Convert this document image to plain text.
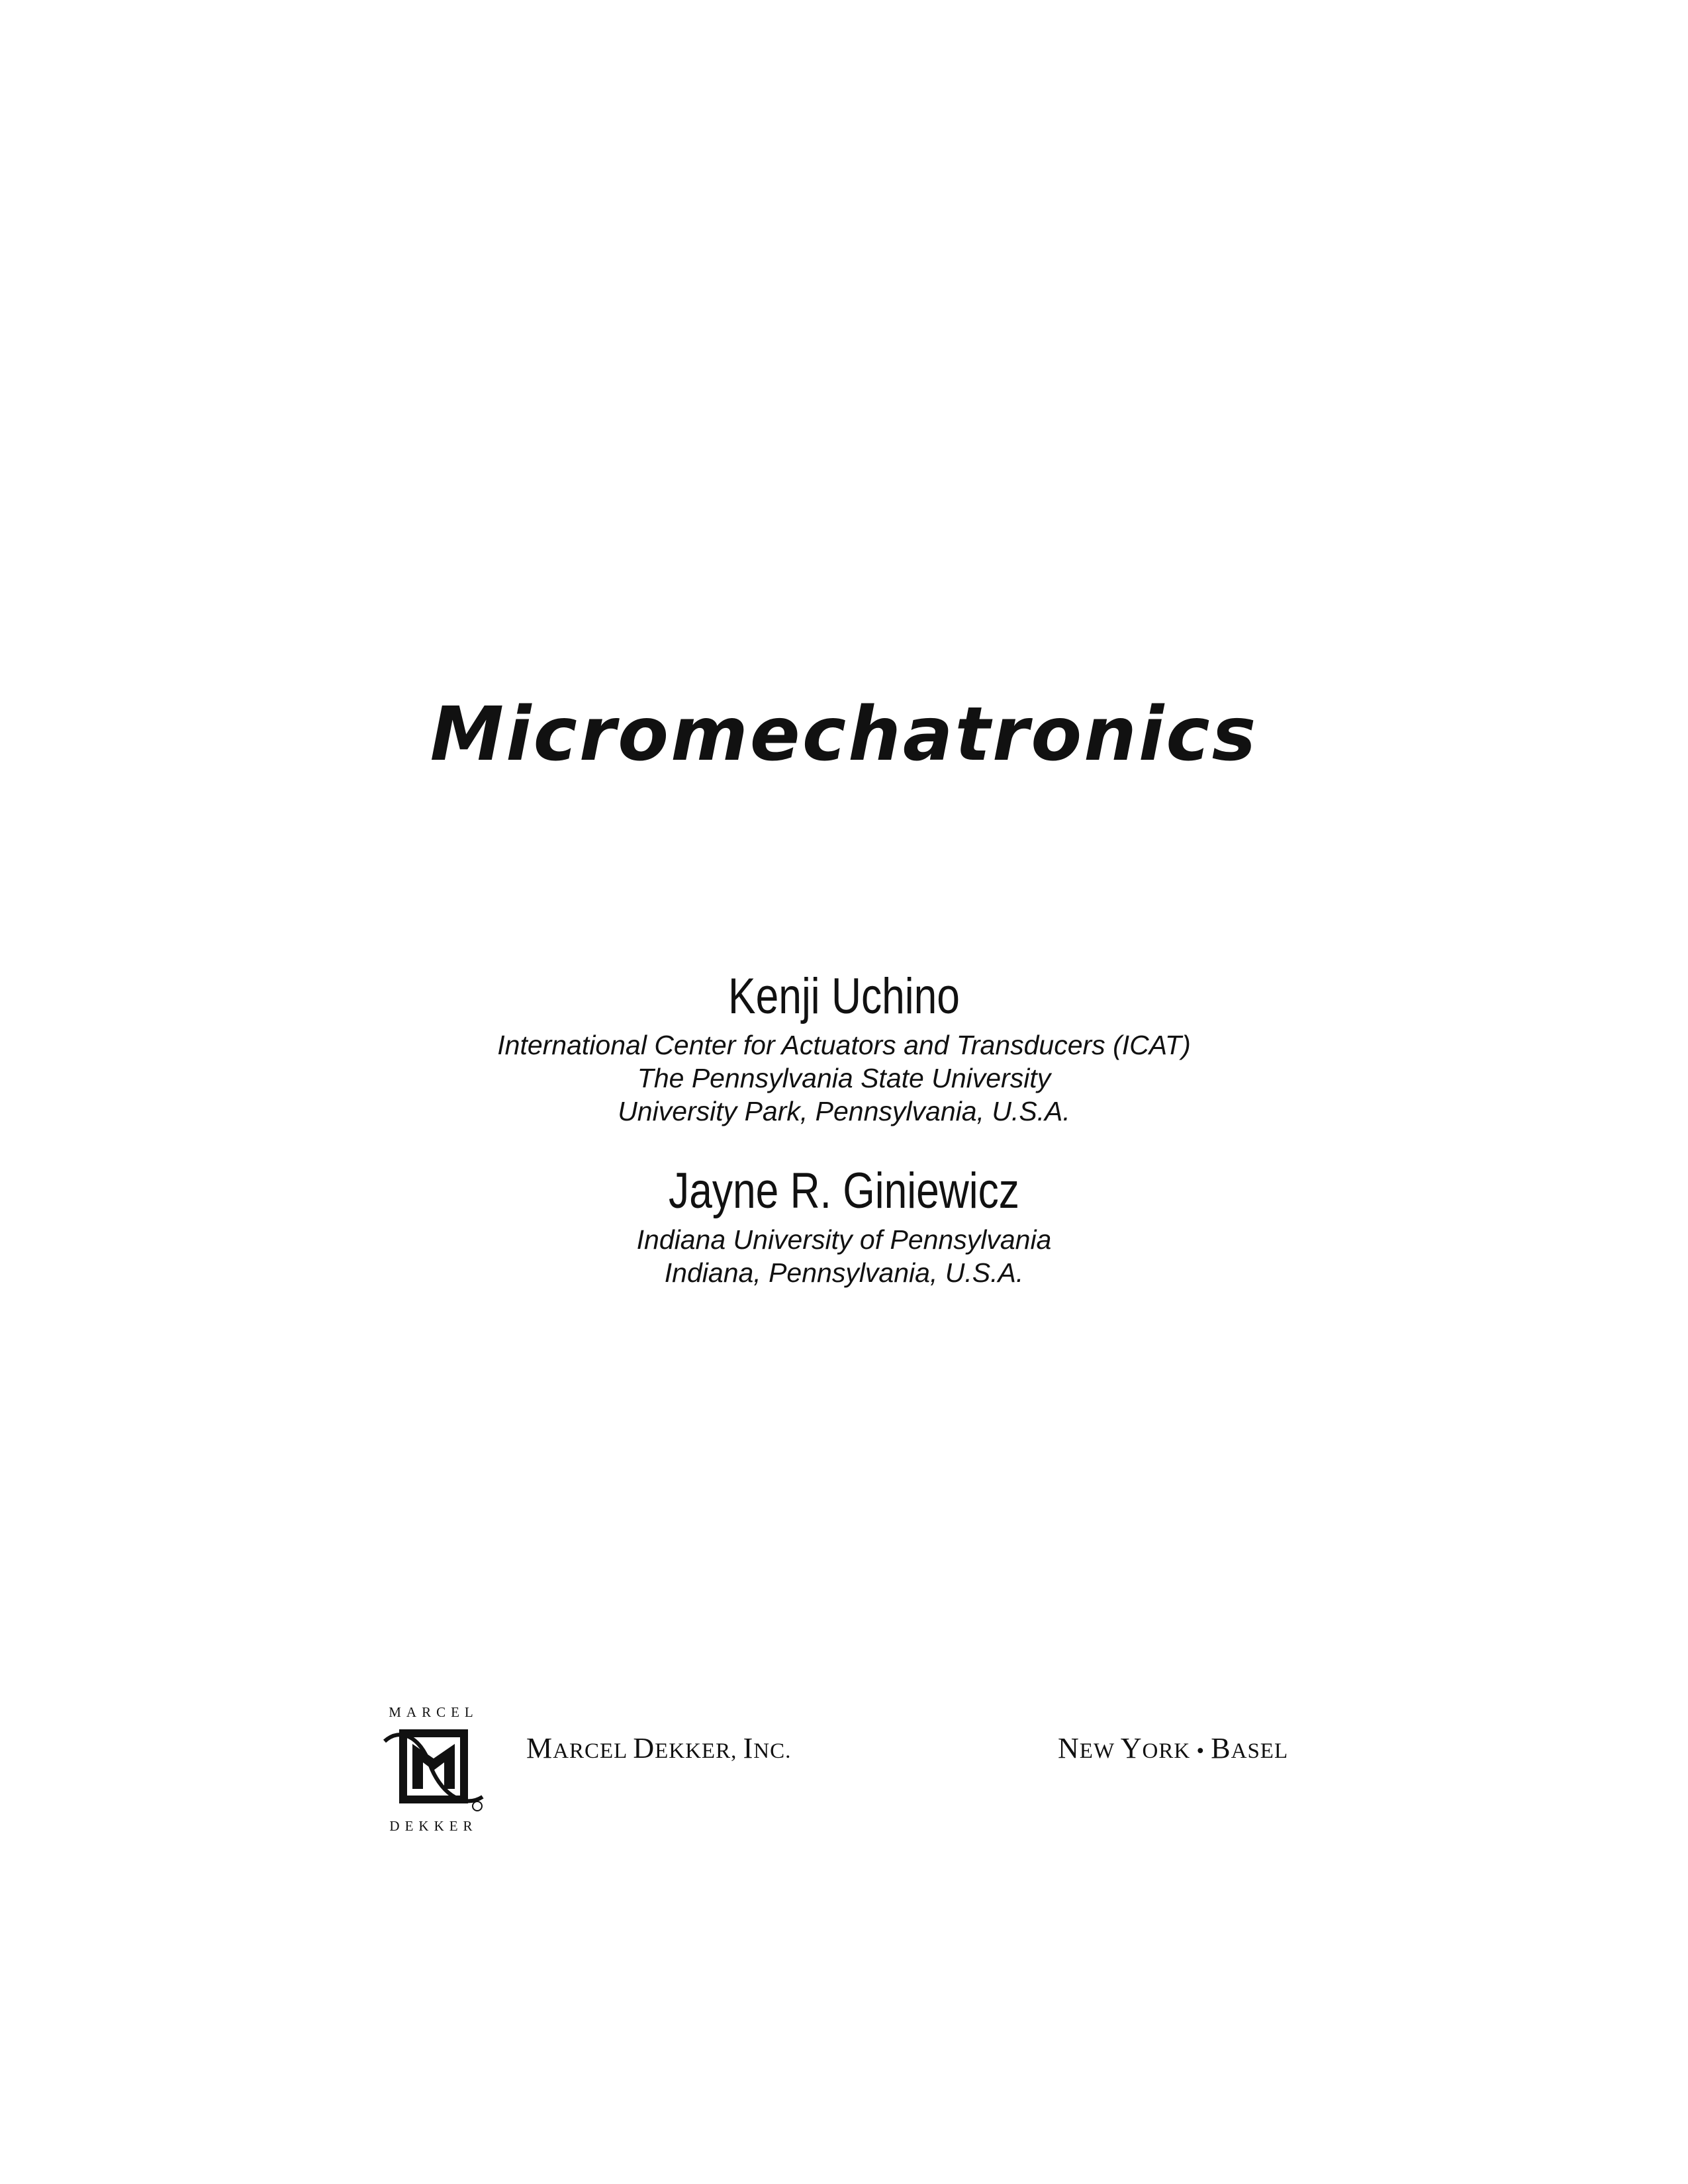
Micromechatronics
Kenji Uchino
International Center for Actuators and Transducers (ICAT)
The Pennsylvania State University
University Park, Pennsylvania, U.S.A.
Jayne R. Giniewicz
Indiana University of Pennsylvania
Indiana, Pennsylvania, U.S.A.
MARCEL
DEKKER
MARCEL DEKKER, INC.	NEW YORK • BASEL
